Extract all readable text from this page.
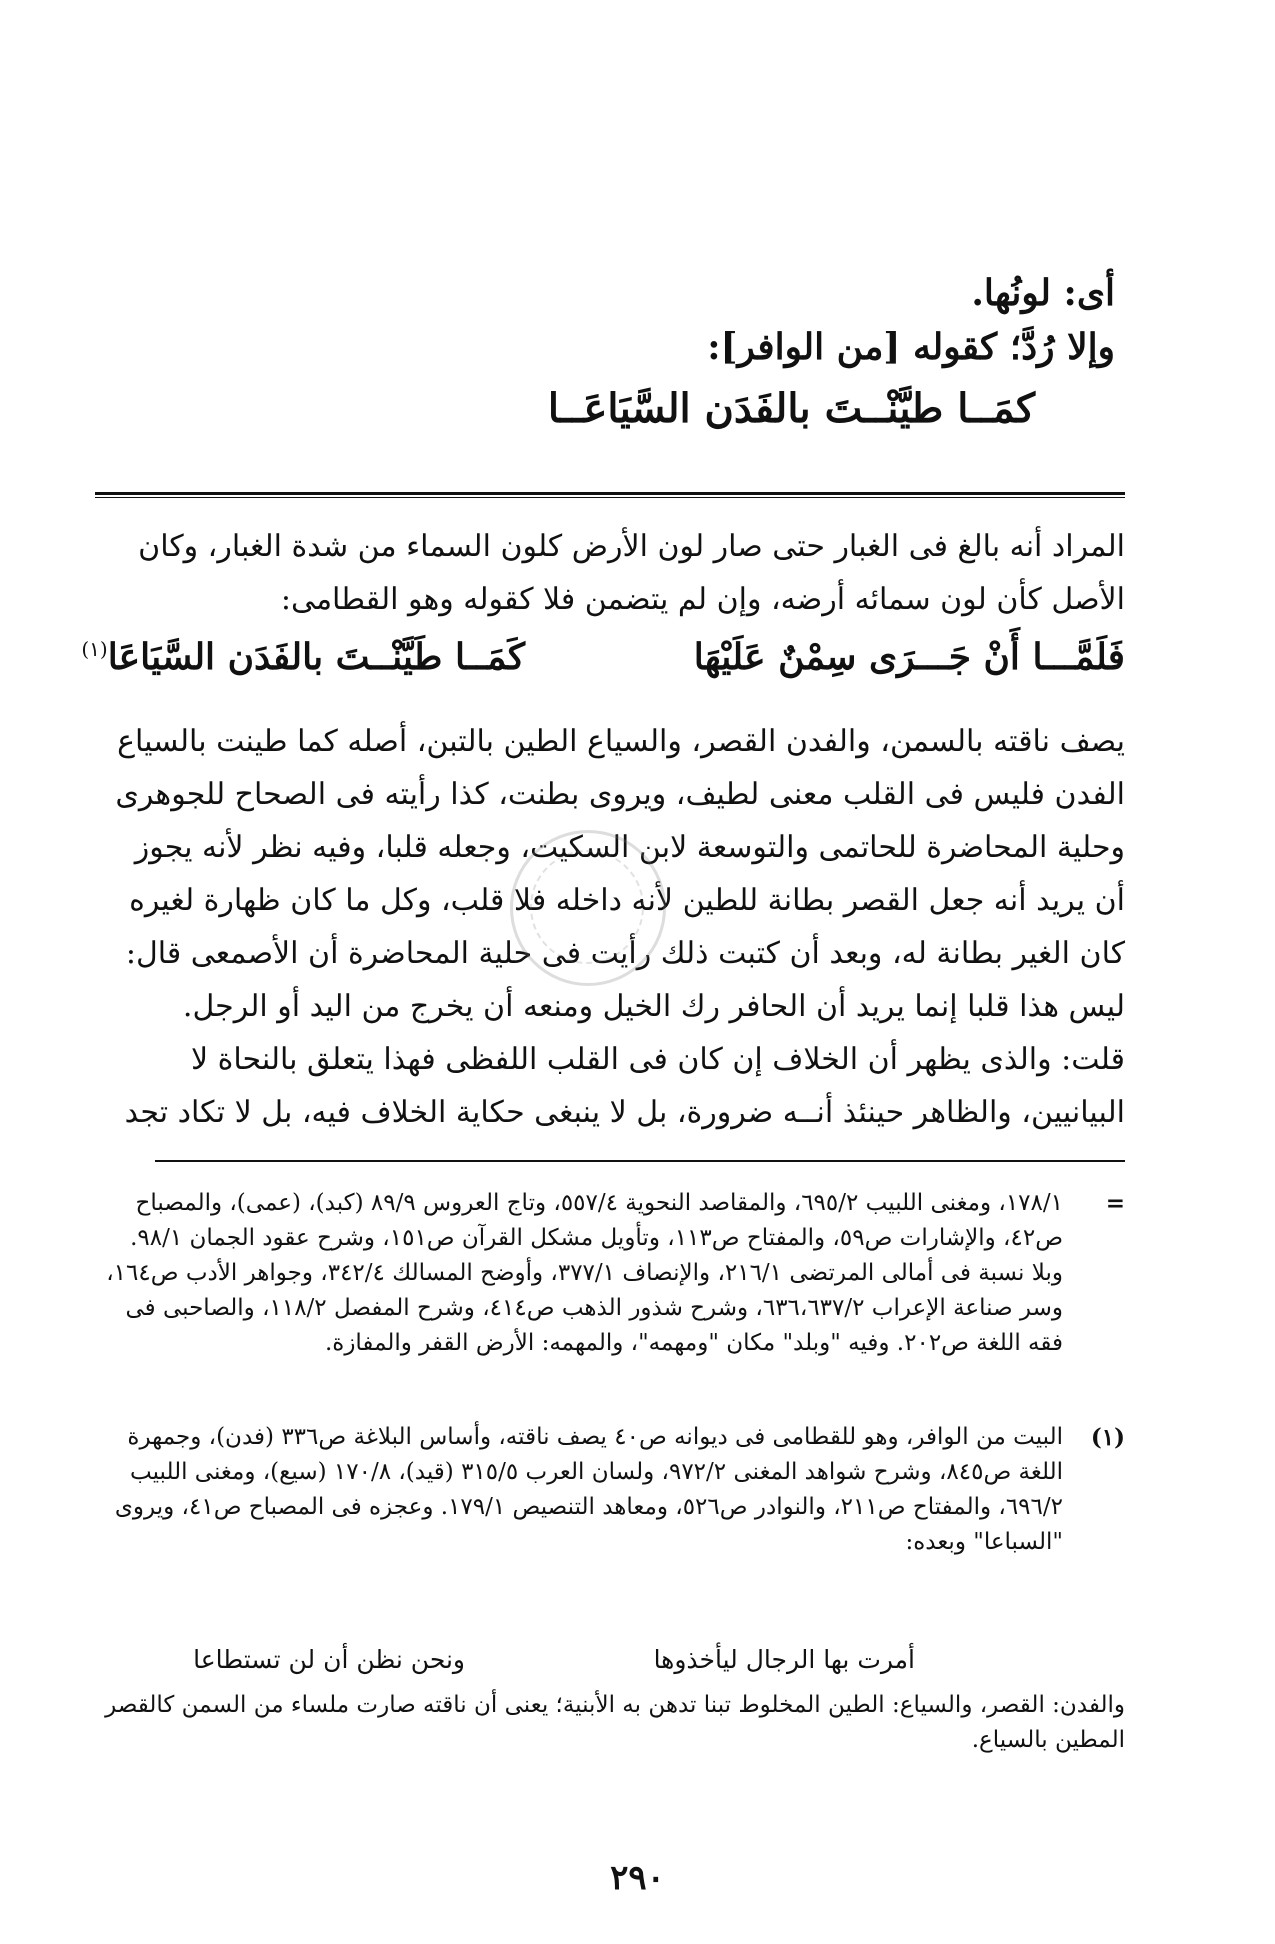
أى: لونُها.
وإلا رُدَّ؛ كقوله [من الوافر]:
كمَــا طيَّنْــتَ بالفَدَن السَّيَاعَــا
المراد أنه بالغ فى الغبار حتى صار لون الأرض كلون السماء من شدة الغبار، وكان الأصل كأن لون سمائه أرضه، وإن لم يتضمن فلا كقوله وهو القطامى:
فَلَمَّـــا أَنْ جَـــرَى سِمْنٌ عَلَيْهَا
كَمَــا طَيَّنْــتَ بالفَدَن السَّيَاعَا$^{(١)}$
يصف ناقته بالسمن، والفدن القصر، والسياع الطين بالتبن، أصله كما طينت بالسياع الفدن فليس فى القلب معنى لطيف، ويروى بطنت، كذا رأيته فى الصحاح للجوهرى وحلية المحاضرة للحاتمى والتوسعة لابن السكيت، وجعله قلبا، وفيه نظر لأنه يجوز أن يريد أنه جعل القصر بطانة للطين لأنه داخله فلا قلب، وكل ما كان ظهارة لغيره كان الغير بطانة له، وبعد أن كتبت ذلك رأيت فى حلية المحاضرة أن الأصمعى قال: ليس هذا قلبا إنما يريد أن الحافر رك الخيل ومنعه أن يخرج من اليد أو الرجل.
قلت: والذى يظهر أن الخلاف إن كان فى القلب اللفظى فهذا يتعلق بالنحاة لا البيانيين، والظاهر حينئذ أنــه ضرورة، بل لا ينبغى حكاية الخلاف فيه، بل لا تكاد تجد
=
١٧٨/١، ومغنى اللبيب ٦٩٥/٢، والمقاصد النحوية ٥٥٧/٤، وتاج العروس ٨٩/٩ (كبد)، (عمى)، والمصباح ص٤٢، والإشارات ص٥٩، والمفتاح ص١١٣، وتأويل مشكل القرآن ص١٥١، وشرح عقود الجمان ٩٨/١. وبلا نسبة فى أمالى المرتضى ٢١٦/١، والإنصاف ٣٧٧/١، وأوضح المسالك ٣٤٢/٤، وجواهر الأدب ص١٦٤، وسر صناعة الإعراب ٦٣٦،٦٣٧/٢، وشرح شذور الذهب ص٤١٤، وشرح المفصل ١١٨/٢، والصاحبى فى فقه اللغة ص٢٠٢. وفيه "وبلد" مكان "ومهمه"، والمهمه: الأرض القفر والمفازة.
(١)
البيت من الوافر، وهو للقطامى فى ديوانه ص٤٠ يصف ناقته، وأساس البلاغة ص٣٣٦ (فدن)، وجمهرة اللغة ص٨٤٥، وشرح شواهد المغنى ٩٧٢/٢، ولسان العرب ٣١٥/٥ (قيد)، ١٧٠/٨ (سيع)، ومغنى اللبيب ٦٩٦/٢، والمفتاح ص٢١١، والنوادر ص٥٢٦، ومعاهد التنصيص ١٧٩/١. وعجزه فى المصباح ص٤١، ويروى "السباعا" وبعده:
أمرت بها الرجال ليأخذوها
ونحن نظن أن لن تستطاعا
والفدن: القصر، والسياع: الطين المخلوط تبنا تدهن به الأبنية؛ يعنى أن ناقته صارت ملساء من السمن كالقصر المطين بالسياع.
٢٩٠
